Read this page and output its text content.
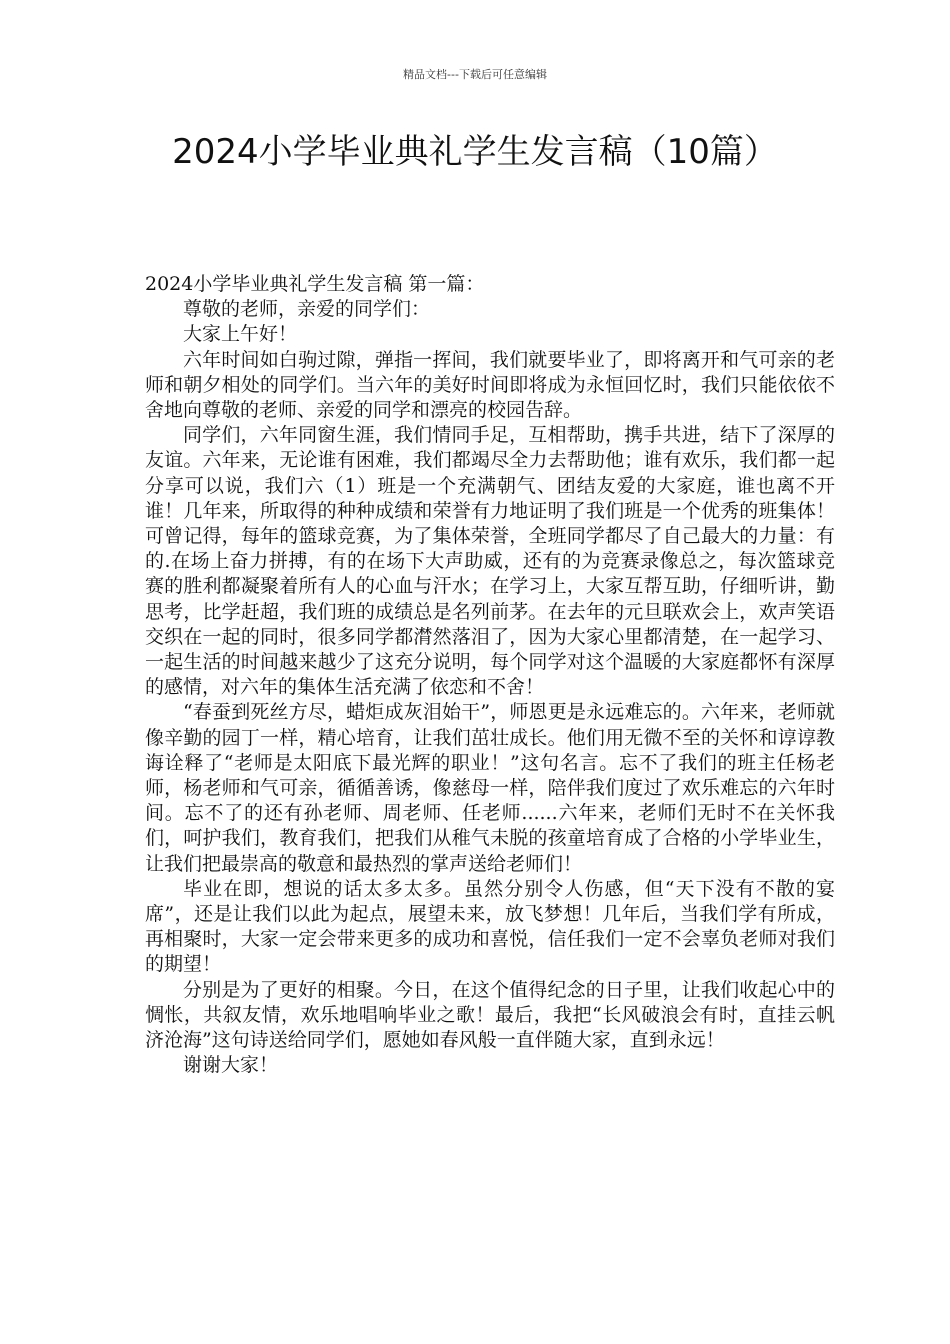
精品文档---下载后可任意编辑
2024小学毕业典礼学生发言稿（10篇）

2024小学毕业典礼学生发言稿 第一篇：

尊敬的老师，亲爱的同学们：

大家上午好！

六年时间如白驹过隙，弹指一挥间，我们就要毕业了，即将离开和气可亲的老师和朝夕相处的同学们。当六年的美好时间即将成为永恒回忆时，我们只能依依不舍地向尊敬的老师、亲爱的同学和漂亮的校园告辞。

同学们，六年同窗生涯，我们情同手足，互相帮助，携手共进，结下了深厚的友谊。六年来，无论谁有困难，我们都竭尽全力去帮助他；谁有欢乐，我们都一起分享可以说，我们六（1）班是一个充满朝气、团结友爱的大家庭，谁也离不开谁！几年来，所取得的种种成绩和荣誉有力地证明了我们班是一个优秀的班集体！可曾记得，每年的篮球竞赛，为了集体荣誉，全班同学都尽了自己最大的力量：有的.在场上奋力拼搏，有的在场下大声助威，还有的为竞赛录像总之，每次篮球竞赛的胜利都凝聚着所有人的心血与汗水；在学习上，大家互帮互助，仔细听讲，勤思考，比学赶超，我们班的成绩总是名列前茅。在去年的元旦联欢会上，欢声笑语交织在一起的同时，很多同学都潸然落泪了，因为大家心里都清楚，在一起学习、一起生活的时间越来越少了这充分说明，每个同学对这个温暖的大家庭都怀有深厚的感情，对六年的集体生活充满了依恋和不舍！

“春蚕到死丝方尽，蜡炬成灰泪始干”，师恩更是永远难忘的。六年来，老师就像辛勤的园丁一样，精心培育，让我们茁壮成长。他们用无微不至的关怀和谆谆教诲诠释了“老师是太阳底下最光辉的职业！”这句名言。忘不了我们的班主任杨老师，杨老师和气可亲，循循善诱，像慈母一样，陪伴我们度过了欢乐难忘的六年时间。忘不了的还有孙老师、周老师、任老师......六年来，老师们无时不在关怀我们，呵护我们，教育我们，把我们从稚气未脱的孩童培育成了合格的小学毕业生，让我们把最崇高的敬意和最热烈的掌声送给老师们！

毕业在即，想说的话太多太多。虽然分别令人伤感，但“天下没有不散的宴席”，还是让我们以此为起点，展望未来，放飞梦想！几年后，当我们学有所成，再相聚时，大家一定会带来更多的成功和喜悦，信任我们一定不会辜负老师对我们的期望！

分别是为了更好的相聚。今日，在这个值得纪念的日子里，让我们收起心中的惆怅，共叙友情，欢乐地唱响毕业之歌！最后，我把“长风破浪会有时，直挂云帆济沧海”这句诗送给同学们，愿她如春风般一直伴随大家，直到永远！

谢谢大家！
